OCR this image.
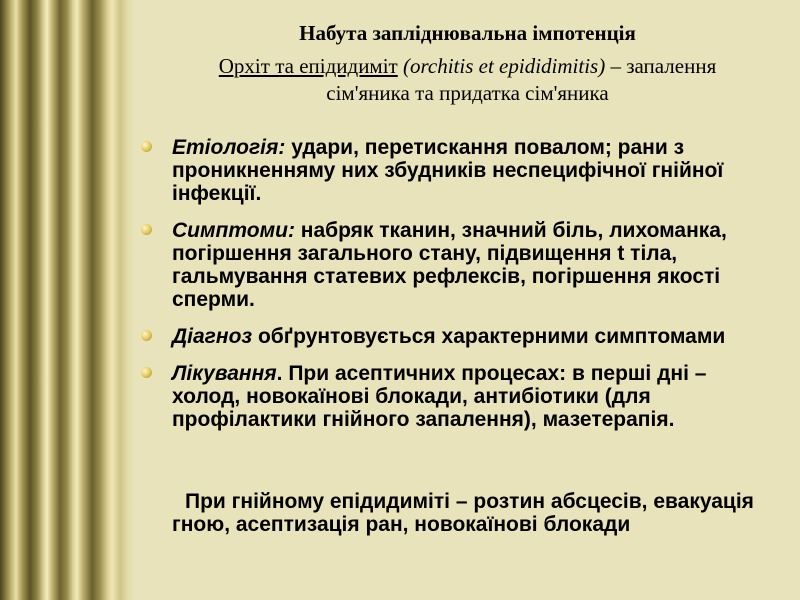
Набута запліднювальна імпотенція
Орхіт та епідидиміт (orchitis et epididimitis) – запалення
сім'яника та придатка сім'яника
Етіологія: удари, перетискання повалом; рани з проникненняму них збудників неспецифічної гнійної інфекції.
Симптоми: набряк тканин, значний біль, лихоманка, погіршення загального стану, підвищення t тіла, гальмування статевих рефлексів, погіршення якості сперми.
Діагноз обґрунтовується характерними симптомами
Лікування. При асептичних процесах: в перші дні – холод, новокаїнові блокади, антибіотики (для профілактики гнійного запалення), мазетерапія.
При гнійному епідидиміті – розтин абсцесів, евакуація гною, асептизація ран, новокаїнові блокади
